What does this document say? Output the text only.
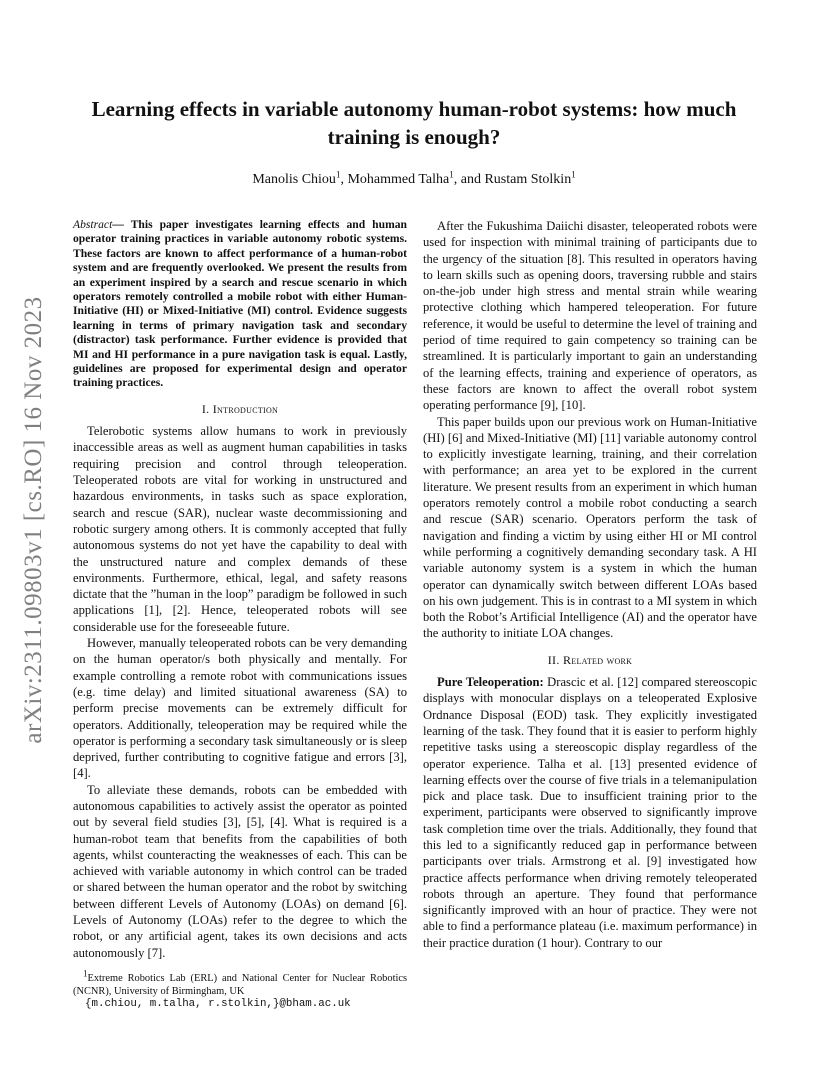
arXiv:2311.09803v1 [cs.RO] 16 Nov 2023
Learning effects in variable autonomy human-robot systems: how much training is enough?
Manolis Chiou$^1$, Mohammed Talha$^1$, and Rustam Stolkin$^1$

Abstract— This paper investigates learning effects and human operator training practices in variable autonomy robotic systems. These factors are known to affect performance of a human-robot system and are frequently overlooked. We present the results from an experiment inspired by a search and rescue scenario in which operators remotely controlled a mobile robot with either Human-Initiative (HI) or Mixed-Initiative (MI) control. Evidence suggests learning in terms of primary navigation task and secondary (distractor) task performance. Further evidence is provided that MI and HI performance in a pure navigation task is equal. Lastly, guidelines are proposed for experimental design and operator training practices.

I. Introduction

Telerobotic systems allow humans to work in previously inaccessible areas as well as augment human capabilities in tasks requiring precision and control through teleoperation. Teleoperated robots are vital for working in unstructured and hazardous environments, in tasks such as space exploration, search and rescue (SAR), nuclear waste decommissioning and robotic surgery among others. It is commonly accepted that fully autonomous systems do not yet have the capability to deal with the unstructured nature and complex demands of these environments. Furthermore, ethical, legal, and safety reasons dictate that the ”human in the loop” paradigm be followed in such applications [1], [2]. Hence, teleoperated robots will see considerable use for the foreseeable future.

However, manually teleoperated robots can be very demanding on the human operator/s both physically and mentally. For example controlling a remote robot with communications issues (e.g. time delay) and limited situational awareness (SA) to perform precise movements can be extremely difficult for operators. Additionally, teleoperation may be required while the operator is performing a secondary task simultaneously or is sleep deprived, further contributing to cognitive fatigue and errors [3], [4].

To alleviate these demands, robots can be embedded with autonomous capabilities to actively assist the operator as pointed out by several field studies [3], [5], [4]. What is required is a human-robot team that benefits from the capabilities of both agents, whilst counteracting the weaknesses of each. This can be achieved with variable autonomy in which control can be traded or shared between the human operator and the robot by switching between different Levels of Autonomy (LOAs) on demand [6]. Levels of Autonomy (LOAs) refer to the degree to which the robot, or any artificial agent, takes its own decisions and acts autonomously [7].

$^1$Extreme Robotics Lab (ERL) and National Center for Nuclear Robotics (NCNR), University of Birmingham, UK
{m.chiou, m.talha, r.stolkin,}@bham.ac.uk

After the Fukushima Daiichi disaster, teleoperated robots were used for inspection with minimal training of participants due to the urgency of the situation [8]. This resulted in operators having to learn skills such as opening doors, traversing rubble and stairs on-the-job under high stress and mental strain while wearing protective clothing which hampered teleoperation. For future reference, it would be useful to determine the level of training and period of time required to gain competency so training can be streamlined. It is particularly important to gain an understanding of the learning effects, training and experience of operators, as these factors are known to affect the overall robot system operating performance [9], [10].

This paper builds upon our previous work on Human-Initiative (HI) [6] and Mixed-Initiative (MI) [11] variable autonomy control to explicitly investigate learning, training, and their correlation with performance; an area yet to be explored in the current literature. We present results from an experiment in which human operators remotely control a mobile robot conducting a search and rescue (SAR) scenario. Operators perform the task of navigation and finding a victim by using either HI or MI control while performing a cognitively demanding secondary task. A HI variable autonomy system is a system in which the human operator can dynamically switch between different LOAs based on his own judgement. This is in contrast to a MI system in which both the Robot’s Artificial Intelligence (AI) and the operator have the authority to initiate LOA changes.

II. Related work

Pure Teleoperation: Drascic et al. [12] compared stereoscopic displays with monocular displays on a teleoperated Explosive Ordnance Disposal (EOD) task. They explicitly investigated learning of the task. They found that it is easier to perform highly repetitive tasks using a stereoscopic display regardless of the operator experience. Talha et al. [13] presented evidence of learning effects over the course of five trials in a telemanipulation pick and place task. Due to insufficient training prior to the experiment, participants were observed to significantly improve task completion time over the trials. Additionally, they found that this led to a significantly reduced gap in performance between participants over trials. Armstrong et al. [9] investigated how practice affects performance when driving remotely teleoperated robots through an aperture. They found that performance significantly improved with an hour of practice. They were not able to find a performance plateau (i.e. maximum performance) in their practice duration (1 hour). Contrary to our
